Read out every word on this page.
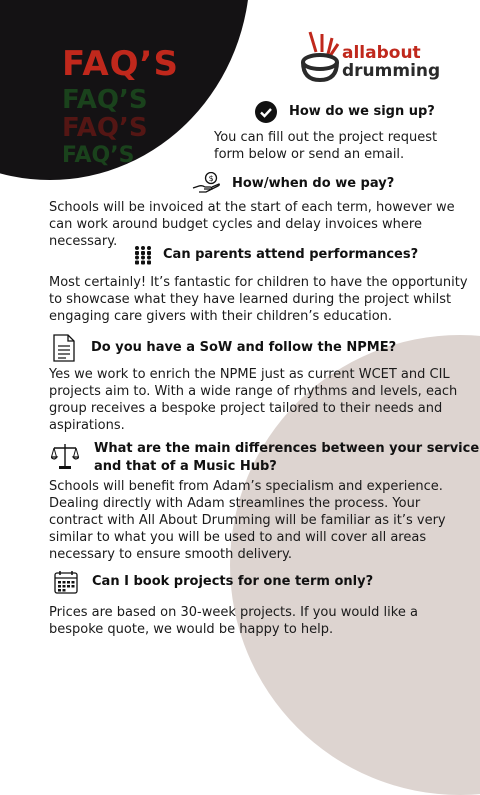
FAQ’S
FAQ’S
FAQ’S
FAQ’S
allabout
drumming
How do we sign up?

You can fill out the project request
form below or send an email.

$ How/when do we pay?

Schools will be invoiced at the start of each term, however we
can work around budget cycles and delay invoices where
necessary.

Can parents attend performances?

Most certainly! It’s fantastic for children to have the opportunity
to showcase what they have learned during the project whilst
engaging care givers with their children’s education.

Do you have a SoW and follow the NPME?

Yes we work to enrich the NPME just as current WCET and CIL
projects aim to. With a wide range of rhythms and levels, each
group receives a bespoke project tailored to their needs and
aspirations.

What are the main differences between your service
and that of a Music Hub?

Schools will benefit from Adam’s specialism and experience.
Dealing directly with Adam streamlines the process. Your
contract with All About Drumming will be familiar as it’s very
similar to what you will be used to and will cover all areas
necessary to ensure smooth delivery.

Can I book projects for one term only?

Prices are based on 30-week projects. If you would like a
bespoke quote, we would be happy to help.
